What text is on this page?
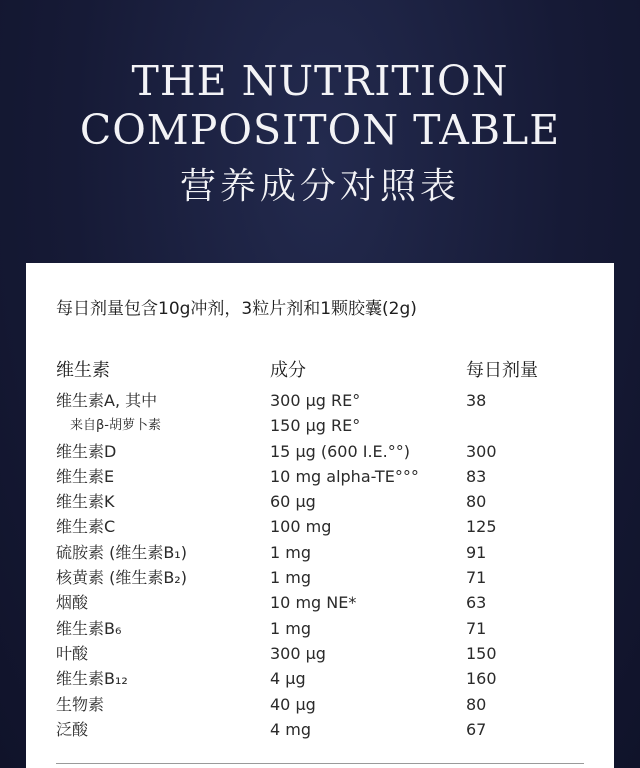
THE NUTRITION
COMPOSITON TABLE
营养成分对照表
每日剂量包含10g冲剂，3粒片剂和1颗胶囊(2g)
维生素	成分	每日剂量
维生素A, 其中	300 μg RE°	38
来自β-胡萝卜素	150 μg RE°
维生素D	15 μg (600 I.E.°°)	300
维生素E	10 mg alpha-TE°°°	83
维生素K	60 μg	80
维生素C	100 mg	125
硫胺素 (维生素B₁)	1 mg	91
核黄素 (维生素B₂)	1 mg	71
烟酸	10 mg NE*	63
维生素B₆	1 mg	71
叶酸	300 μg	150
维生素B₁₂	4 μg	160
生物素	40 μg	80
泛酸	4 mg	67
